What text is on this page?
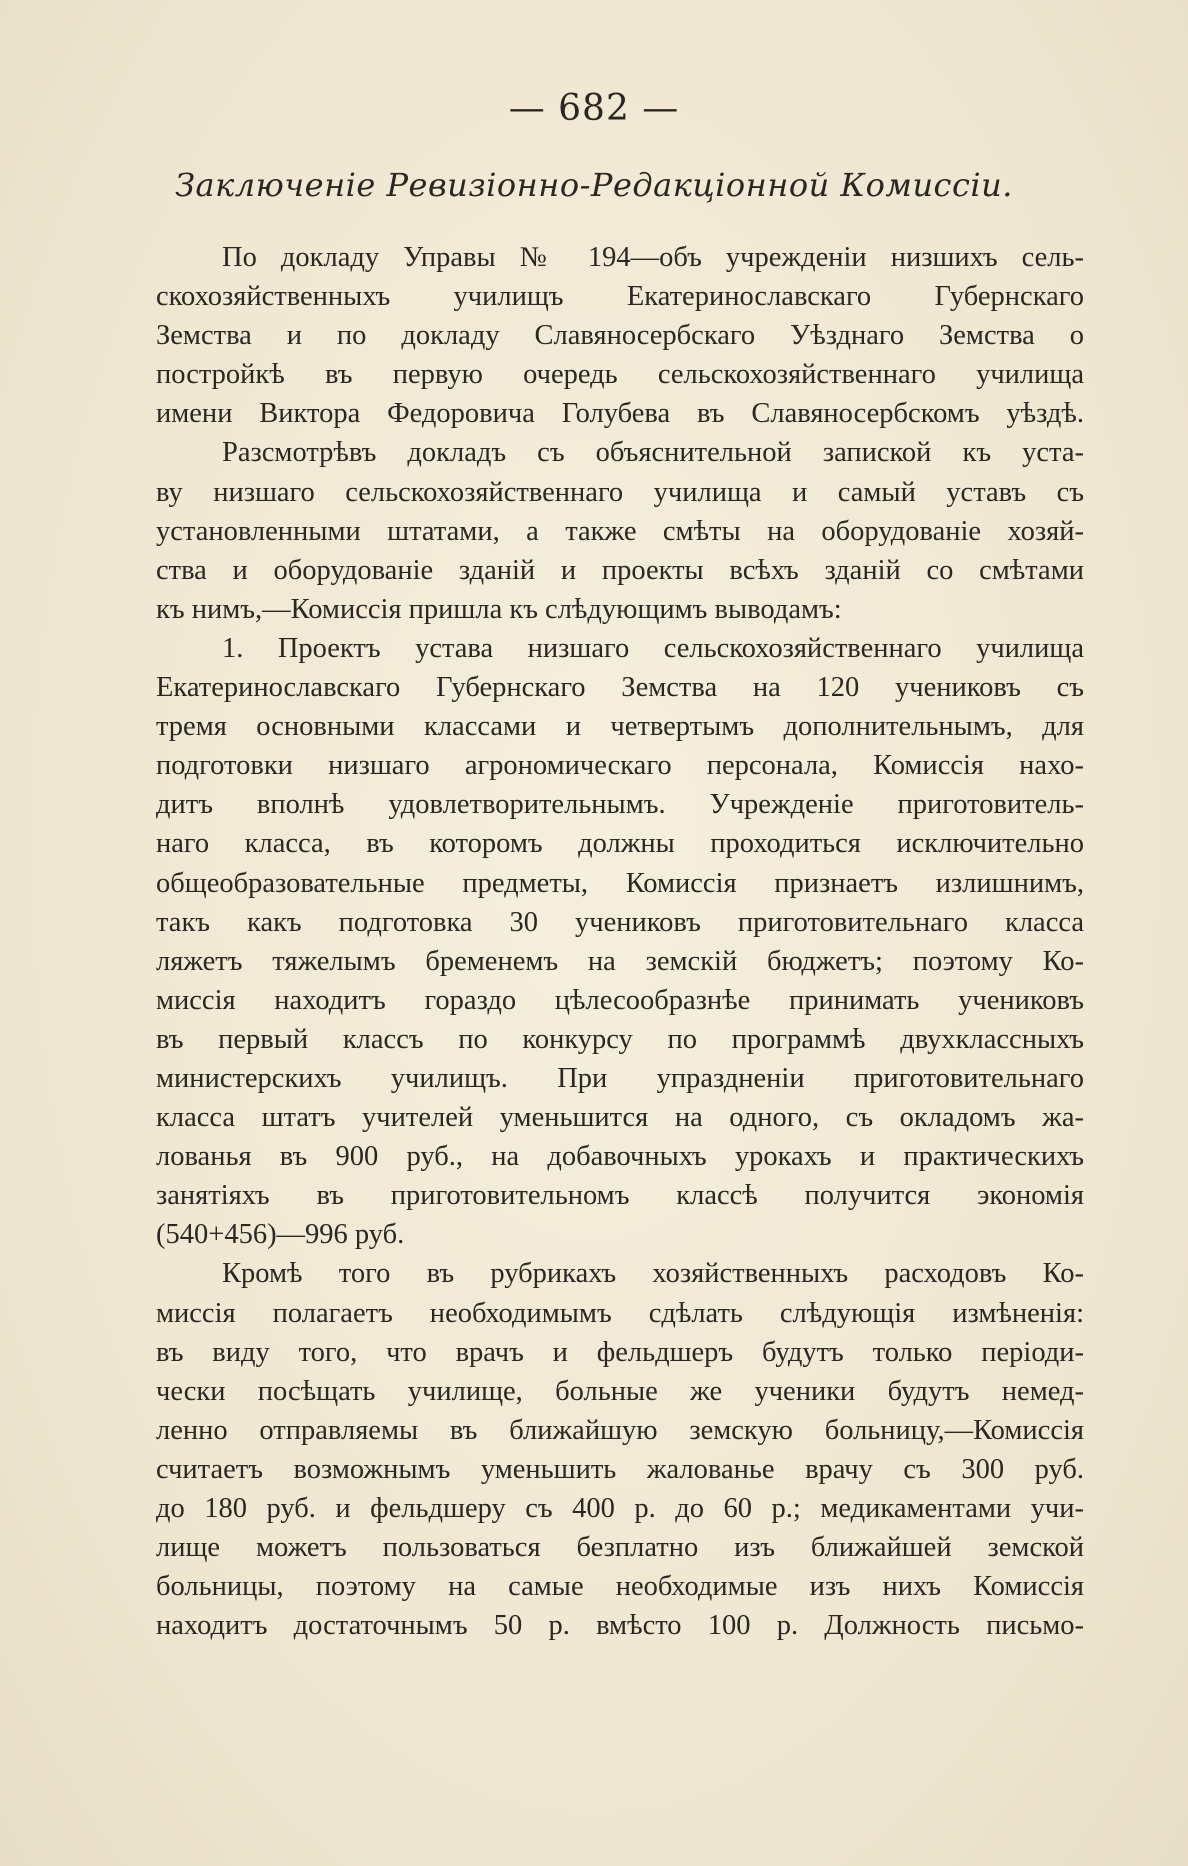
— 682 —
Заключеніе Ревизіонно-Редакціонной Комиссіи.
По докладу Управы № 194—объ учрежденіи низшихъ сель-
скохозяйственныхъ училищъ Екатеринославскаго Губернскаго
Земства и по докладу Славяносербскаго Уѣзднаго Земства о
постройкѣ въ первую очередь сельскохозяйственнаго училища
имени Виктора Федоровича Голубева въ Славяносербскомъ уѣздѣ.
Разсмотрѣвъ докладъ съ объяснительной запиской къ уста-
ву низшаго сельскохозяйственнаго училища и самый уставъ съ
установленными штатами, а также смѣты на оборудованіе хозяй-
ства и оборудованіе зданій и проекты всѣхъ зданій со смѣтами
къ нимъ,—Комиссія пришла къ слѣдующимъ выводамъ:
1. Проектъ устава низшаго сельскохозяйственнаго училища
Екатеринославскаго Губернскаго Земства на 120 учениковъ съ
тремя основными классами и четвертымъ дополнительнымъ, для
подготовки низшаго агрономическаго персонала, Комиссія нахо-
дитъ вполнѣ удовлетворительнымъ. Учрежденіе приготовитель-
наго класса, въ которомъ должны проходиться исключительно
общеобразовательные предметы, Комиссія признаетъ излишнимъ,
такъ какъ подготовка 30 учениковъ приготовительнаго класса
ляжетъ тяжелымъ бременемъ на земскій бюджетъ; поэтому Ко-
миссія находитъ гораздо цѣлесообразнѣе принимать учениковъ
въ первый классъ по конкурсу по программѣ двухклассныхъ
министерскихъ училищъ. При упраздненіи приготовительнаго
класса штатъ учителей уменьшится на одного, съ окладомъ жа-
лованья въ 900 руб., на добавочныхъ урокахъ и практическихъ
занятіяхъ въ приготовительномъ классѣ получится экономія
(540+456)—996 руб.
Кромѣ того въ рубрикахъ хозяйственныхъ расходовъ Ко-
миссія полагаетъ необходимымъ сдѣлать слѣдующія измѣненія:
въ виду того, что врачъ и фельдшеръ будутъ только періоди-
чески посѣщать училище, больные же ученики будутъ немед-
ленно отправляемы въ ближайшую земскую больницу,—Комиссія
считаетъ возможнымъ уменьшить жалованье врачу съ 300 руб.
до 180 руб. и фельдшеру съ 400 р. до 60 р.; медикаментами учи-
лище можетъ пользоваться безплатно изъ ближайшей земской
больницы, поэтому на самые необходимые изъ нихъ Комиссія
находитъ достаточнымъ 50 р. вмѣсто 100 р. Должность письмо-
